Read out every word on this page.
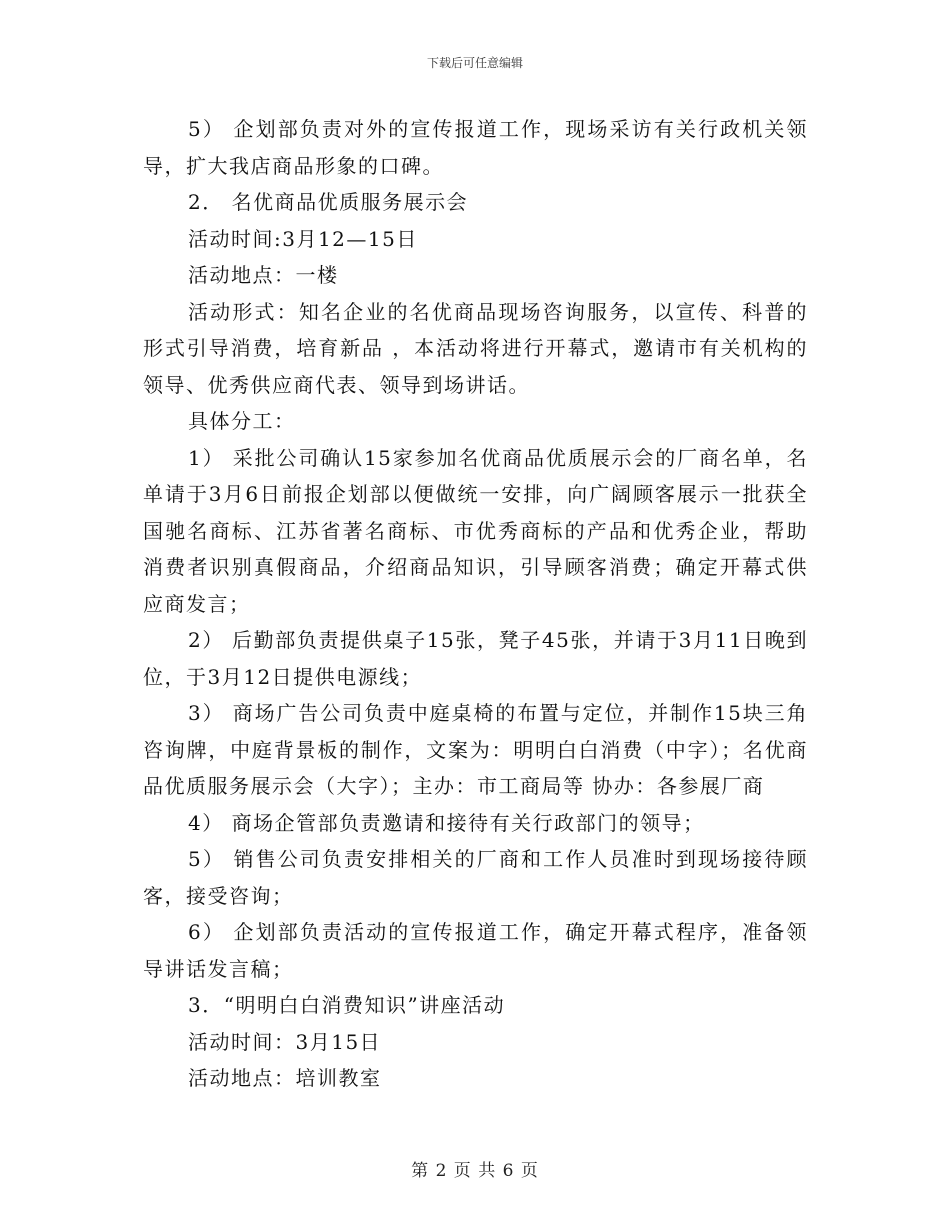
下载后可任意编辑

5） 企划部负责对外的宣传报道工作，现场采访有关行政机关领导，扩大我店商品形象的口碑。

2． 名优商品优质服务展示会

活动时间:3月12—15日

活动地点：一楼

活动形式：知名企业的名优商品现场咨询服务，以宣传、科普的形式引导消费，培育新品 ，本活动将进行开幕式，邀请市有关机构的领导、优秀供应商代表、领导到场讲话。

具体分工：

1） 采批公司确认15家参加名优商品优质展示会的厂商名单，名单请于3月6日前报企划部以便做统一安排，向广阔顾客展示一批获全国驰名商标、江苏省著名商标、市优秀商标的产品和优秀企业，帮助消费者识别真假商品，介绍商品知识，引导顾客消费；确定开幕式供应商发言；

2） 后勤部负责提供桌子15张，凳子45张，并请于3月11日晚到位，于3月12日提供电源线；

3） 商场广告公司负责中庭桌椅的布置与定位，并制作15块三角咨询牌，中庭背景板的制作，文案为：明明白白消费（中字）；名优商品优质服务展示会（大字）；主办：市工商局等 协办：各参展厂商

4） 商场企管部负责邀请和接待有关行政部门的领导；

5） 销售公司负责安排相关的厂商和工作人员准时到现场接待顾客，接受咨询；

6） 企划部负责活动的宣传报道工作，确定开幕式程序，准备领导讲话发言稿；

3．“明明白白消费知识”讲座活动

活动时间：3月15日

活动地点：培训教室

第 2 页 共 6 页
